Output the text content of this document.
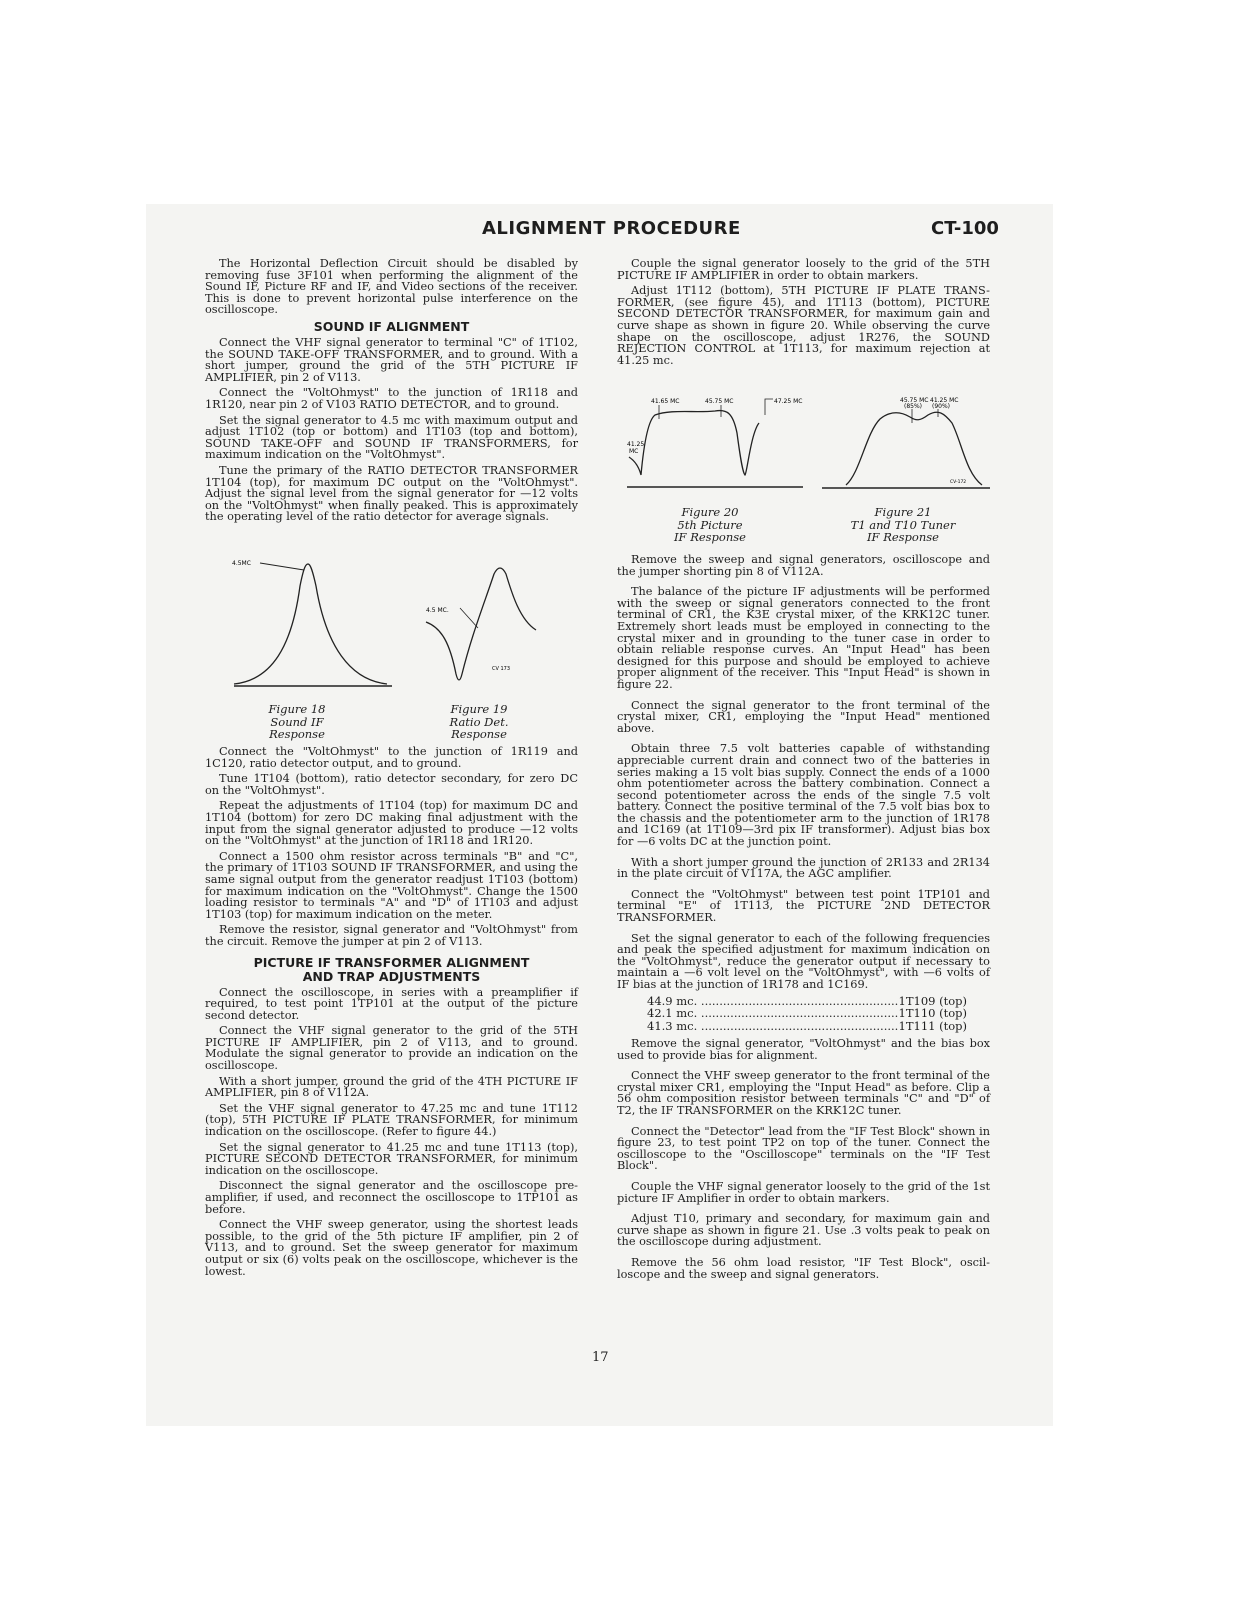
ALIGNMENT PROCEDURE	CT-100

The Horizontal Deflection Circuit should be disabled by removing fuse 3F101 when performing the alignment of the Sound IF, Picture RF and IF, and Video sections of the receiver. This is done to prevent horizontal pulse interference on the oscilloscope.

SOUND IF ALIGNMENT

Connect the VHF signal generator to terminal "C" of 1T102, the SOUND TAKE-OFF TRANSFORMER, and to ground. With a short jumper, ground the grid of the 5TH PICTURE IF AMPLIFIER, pin 2 of V113.

Connect the "VoltOhmyst" to the junction of 1R118 and 1R120, near pin 2 of V103 RATIO DETECTOR, and to ground.

Set the signal generator to 4.5 mc with maximum output and adjust 1T102 (top or bottom) and 1T103 (top and bottom), SOUND TAKE-OFF and SOUND IF TRANSFORMERS, for maximum indication on the "VoltOhmyst".

Tune the primary of the RATIO DETECTOR TRANSFORMER 1T104 (top), for maximum DC output on the "VoltOhmyst". Adjust the signal level from the signal generator for —12 volts on the "VoltOhmyst" when finally peaked. This is approximately the operating level of the ratio detector for average signals.

4.5MC
Figure 18
Sound IF
Response
4.5 MC.
CV 173
Figure 19
Ratio Det.
Response

Connect the "VoltOhmyst" to the junction of 1R119 and 1C120, ratio detector output, and to ground.

Tune 1T104 (bottom), ratio detector secondary, for zero DC on the "VoltOhmyst".

Repeat the adjustments of 1T104 (top) for maximum DC and 1T104 (bottom) for zero DC making final adjustment with the input from the signal generator adjusted to produce —12 volts on the "VoltOhmyst" at the junction of 1R118 and 1R120.

Connect a 1500 ohm resistor across terminals "B" and "C", the primary of 1T103 SOUND IF TRANSFORMER, and using the same signal output from the generator readjust 1T103 (bottom) for maximum indication on the "VoltOhmyst". Change the 1500 loading resistor to terminals "A" and "D" of 1T103 and adjust 1T103 (top) for maximum indication on the meter.

Remove the resistor, signal generator and "VoltOhmyst" from the circuit. Remove the jumper at pin 2 of V113.

PICTURE IF TRANSFORMER ALIGNMENT
AND TRAP ADJUSTMENTS

Connect the oscilloscope, in series with a preamplifier if required, to test point 1TP101 at the output of the picture second detector.

Connect the VHF signal generator to the grid of the 5TH PICTURE IF AMPLIFIER, pin 2 of V113, and to ground. Modulate the signal generator to provide an indication on the oscilloscope.

With a short jumper, ground the grid of the 4TH PICTURE IF AMPLIFIER, pin 8 of V112A.

Set the VHF signal generator to 47.25 mc and tune 1T112 (top), 5TH PICTURE IF PLATE TRANSFORMER, for minimum indication on the oscilloscope. (Refer to figure 44.)

Set the signal generator to 41.25 mc and tune 1T113 (top), PICTURE SECOND DETECTOR TRANSFORMER, for minimum indication on the oscilloscope.

Disconnect the signal generator and the oscilloscope pre-amplifier, if used, and reconnect the oscilloscope to 1TP101 as before.

Connect the VHF sweep generator, using the shortest leads possible, to the grid of the 5th picture IF amplifier, pin 2 of V113, and to ground. Set the sweep generator for maximum output or six (6) volts peak on the oscilloscope, whichever is the lowest.

Couple the signal generator loosely to the grid of the 5TH PICTURE IF AMPLIFIER in order to obtain markers.

Adjust 1T112 (bottom), 5TH PICTURE IF PLATE TRANS-FORMER, (see figure 45), and 1T113 (bottom), PICTURE SECOND DETECTOR TRANSFORMER, for maximum gain and curve shape as shown in figure 20. While observing the curve shape on the oscilloscope, adjust 1R276, the SOUND REJECTION CONTROL at 1T113, for maximum rejection at 41.25 mc.

41.65 MC	45.75 MC	47.25 MC
41.25
MC
Figure 20
5th Picture
IF Response
45.75 MC
(85%)
41.25 MC
(90%)
CV-172
Figure 21
T1 and T10 Tuner
IF Response

Remove the sweep and signal generators, oscilloscope and the jumper shorting pin 8 of V112A.

The balance of the picture IF adjustments will be performed with the sweep or signal generators connected to the front terminal of CR1, the K3E crystal mixer, of the KRK12C tuner. Extremely short leads must be employed in connecting to the crystal mixer and in grounding to the tuner case in order to obtain reliable response curves. An "Input Head" has been designed for this purpose and should be employed to achieve proper alignment of the receiver. This "Input Head" is shown in figure 22.

Connect the signal generator to the front terminal of the crystal mixer, CR1, employing the "Input Head" mentioned above.

Obtain three 7.5 volt batteries capable of withstanding appreciable current drain and connect two of the batteries in series making a 15 volt bias supply. Connect the ends of a 1000 ohm potentiometer across the battery combination. Connect a second potentiometer across the ends of the single 7.5 volt battery. Connect the positive terminal of the 7.5 volt bias box to the chassis and the potentiometer arm to the junction of 1R178 and 1C169 (at 1T109—3rd pix IF transformer). Adjust bias box for —6 volts DC at the junction point.

With a short jumper ground the junction of 2R133 and 2R134 in the plate circuit of V117A, the AGC amplifier.

Connect the "VoltOhmyst" between test point 1TP101 and terminal "E" of 1T113, the PICTURE 2ND DETECTOR TRANSFORMER.

Set the signal generator to each of the following frequencies and peak the specified adjustment for maximum indication on the "VoltOhmyst", reduce the generator output if necessary to maintain a —6 volt level on the "VoltOhmyst", with —6 volts of IF bias at the junction of 1R178 and 1C169.

44.9 mc. .....	1T109 (top)
42.1 mc. .....	1T110 (top)
41.3 mc. .....	1T111 (top)

Remove the signal generator, "VoltOhmyst" and the bias box used to provide bias for alignment.

Connect the VHF sweep generator to the front terminal of the crystal mixer CR1, employing the "Input Head" as before. Clip a 56 ohm composition resistor between terminals "C" and "D" of T2, the IF TRANSFORMER on the KRK12C tuner.

Connect the "Detector" lead from the "IF Test Block" shown in figure 23, to test point TP2 on top of the tuner. Connect the oscilloscope to the "Oscilloscope" terminals on the "IF Test Block".

Couple the VHF signal generator loosely to the grid of the 1st picture IF Amplifier in order to obtain markers.

Adjust T10, primary and secondary, for maximum gain and curve shape as shown in figure 21. Use .3 volts peak to peak on the oscilloscope during adjustment.

Remove the 56 ohm load resistor, "IF Test Block", oscil-loscope and the sweep and signal generators.

17
